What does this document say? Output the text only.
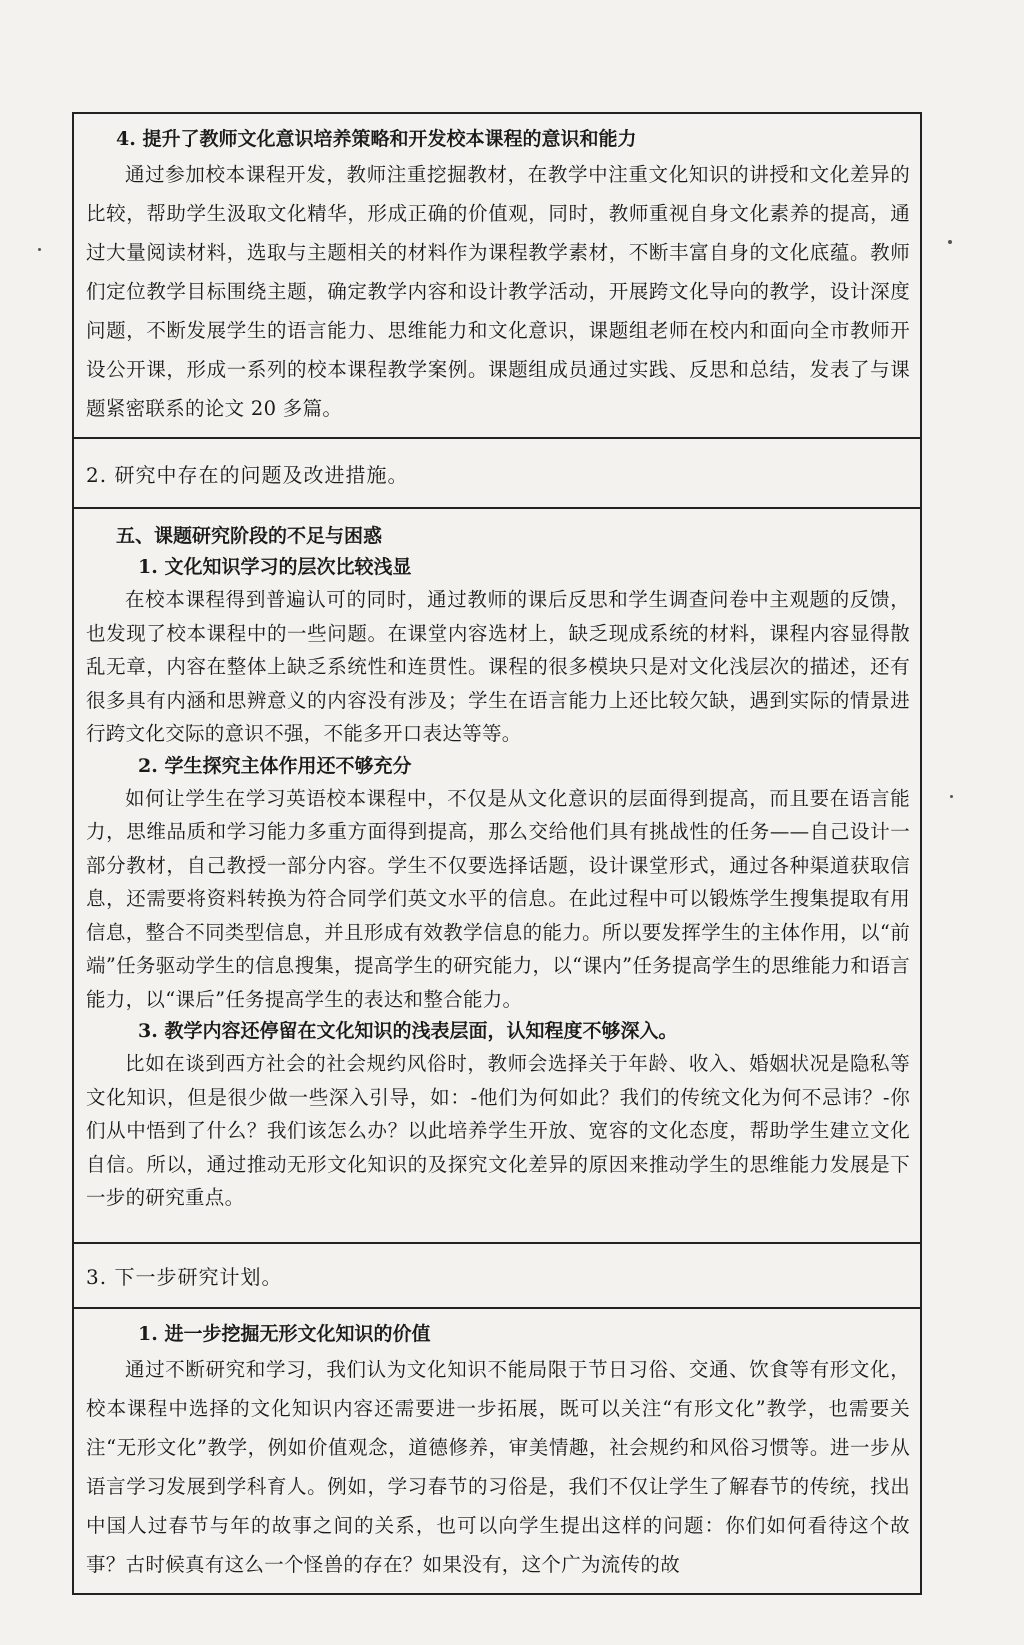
4. 提升了教师文化意识培养策略和开发校本课程的意识和能力

通过参加校本课程开发，教师注重挖掘教材，在教学中注重文化知识的讲授和文化差异的比较，帮助学生汲取文化精华，形成正确的价值观，同时，教师重视自身文化素养的提高，通过大量阅读材料，选取与主题相关的材料作为课程教学素材，不断丰富自身的文化底蕴。教师们定位教学目标围绕主题，确定教学内容和设计教学活动，开展跨文化导向的教学，设计深度问题，不断发展学生的语言能力、思维能力和文化意识，课题组老师在校内和面向全市教师开设公开课，形成一系列的校本课程教学案例。课题组成员通过实践、反思和总结，发表了与课题紧密联系的论文 20 多篇。

2. 研究中存在的问题及改进措施。

五、课题研究阶段的不足与困惑

1. 文化知识学习的层次比较浅显

在校本课程得到普遍认可的同时，通过教师的课后反思和学生调查问卷中主观题的反馈，也发现了校本课程中的一些问题。在课堂内容选材上，缺乏现成系统的材料，课程内容显得散乱无章，内容在整体上缺乏系统性和连贯性。课程的很多模块只是对文化浅层次的描述，还有很多具有内涵和思辨意义的内容没有涉及；学生在语言能力上还比较欠缺，遇到实际的情景进行跨文化交际的意识不强，不能多开口表达等等。

2. 学生探究主体作用还不够充分

如何让学生在学习英语校本课程中，不仅是从文化意识的层面得到提高，而且要在语言能力，思维品质和学习能力多重方面得到提高，那么交给他们具有挑战性的任务——自己设计一部分教材，自己教授一部分内容。学生不仅要选择话题，设计课堂形式，通过各种渠道获取信息，还需要将资料转换为符合同学们英文水平的信息。在此过程中可以锻炼学生搜集提取有用信息，整合不同类型信息，并且形成有效教学信息的能力。所以要发挥学生的主体作用，以“前端”任务驱动学生的信息搜集，提高学生的研究能力，以“课内”任务提高学生的思维能力和语言能力，以“课后”任务提高学生的表达和整合能力。

3. 教学内容还停留在文化知识的浅表层面，认知程度不够深入。

比如在谈到西方社会的社会规约风俗时，教师会选择关于年龄、收入、婚姻状况是隐私等文化知识，但是很少做一些深入引导，如：-他们为何如此？我们的传统文化为何不忌讳？-你们从中悟到了什么？我们该怎么办？以此培养学生开放、宽容的文化态度，帮助学生建立文化自信。所以，通过推动无形文化知识的及探究文化差异的原因来推动学生的思维能力发展是下一步的研究重点。

3. 下一步研究计划。

1. 进一步挖掘无形文化知识的价值

通过不断研究和学习，我们认为文化知识不能局限于节日习俗、交通、饮食等有形文化，校本课程中选择的文化知识内容还需要进一步拓展，既可以关注“有形文化”教学，也需要关注“无形文化”教学，例如价值观念，道德修养，审美情趣，社会规约和风俗习惯等。进一步从语言学习发展到学科育人。例如，学习春节的习俗是，我们不仅让学生了解春节的传统，找出中国人过春节与年的故事之间的关系，也可以向学生提出这样的问题：你们如何看待这个故事？古时候真有这么一个怪兽的存在？如果没有，这个广为流传的故
